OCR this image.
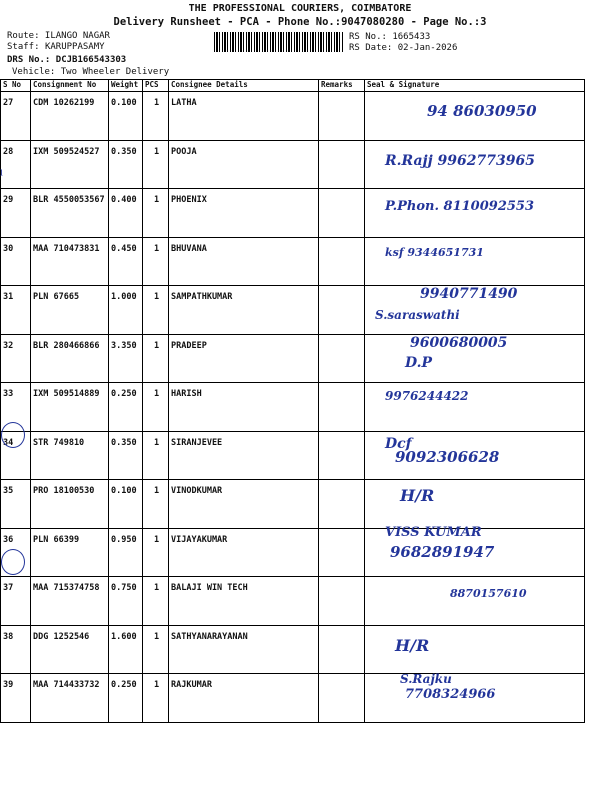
THE PROFESSIONAL COURIERS, COIMBATORE
Delivery Runsheet - PCA - Phone No.:9047080280 - Page No.:3
Route: ILANGO NAGAR
Staff: KARUPPASAMY
DRS No.: DCJB166543303
Vehicle: Two Wheeler Delivery
RS No.: 1665433
RS Date: 02-Jan-2026
S No	Consignment No	Weight	PCS	Consignee Details	Remarks	Seal & Signature
27	CDM 10262199	0.100	1	LATHA		94 86030950

28	IXM 509524527	0.350	1	POOJA		R.Rajj 9962773965

29	BLR 4550053567	0.400	1	PHOENIX		P.Phon. 8110092553

30	MAA 710473831	0.450	1	BHUVANA		ksf 9344651731

31	PLN 67665	1.000	1	SAMPATHKUMAR		9940771490
S.saraswathi

32	BLR 280466866	3.350	1	PRADEEP		9600680005
D.P

33	IXM 509514889	0.250	1	HARISH		9976244422

34	STR 749810	0.350	1	SIRANJEVEE		Dcf
9092306628

35	PRO 18100530	0.100	1	VINODKUMAR		H/R

36	PLN 66399	0.950	1	VIJAYAKUMAR		VISS KUMAR
9682891947

37	MAA 715374758	0.750	1	BALAJI WIN TECH		8870157610

38	DDG 1252546	1.600	1	SATHYANARAYANAN		H/R

39	MAA 714433732	0.250	1	RAJKUMAR		S.Rajku
7708324966
ˡ
